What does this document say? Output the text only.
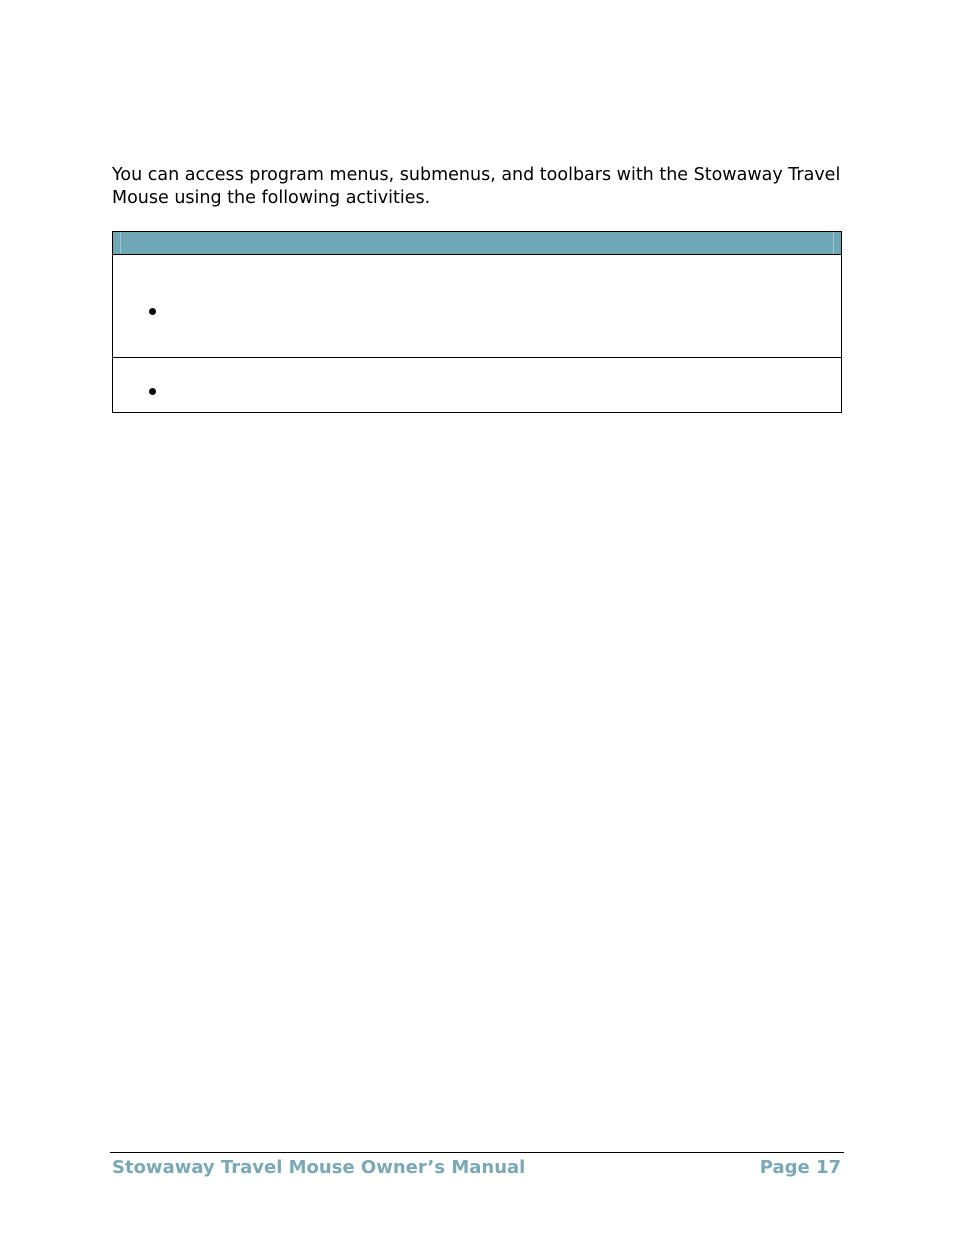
You can access program menus, submenus, and toolbars with the Stowaway Travel Mouse using the following activities.

Stowaway Travel Mouse Owner’s Manual	Page 17
